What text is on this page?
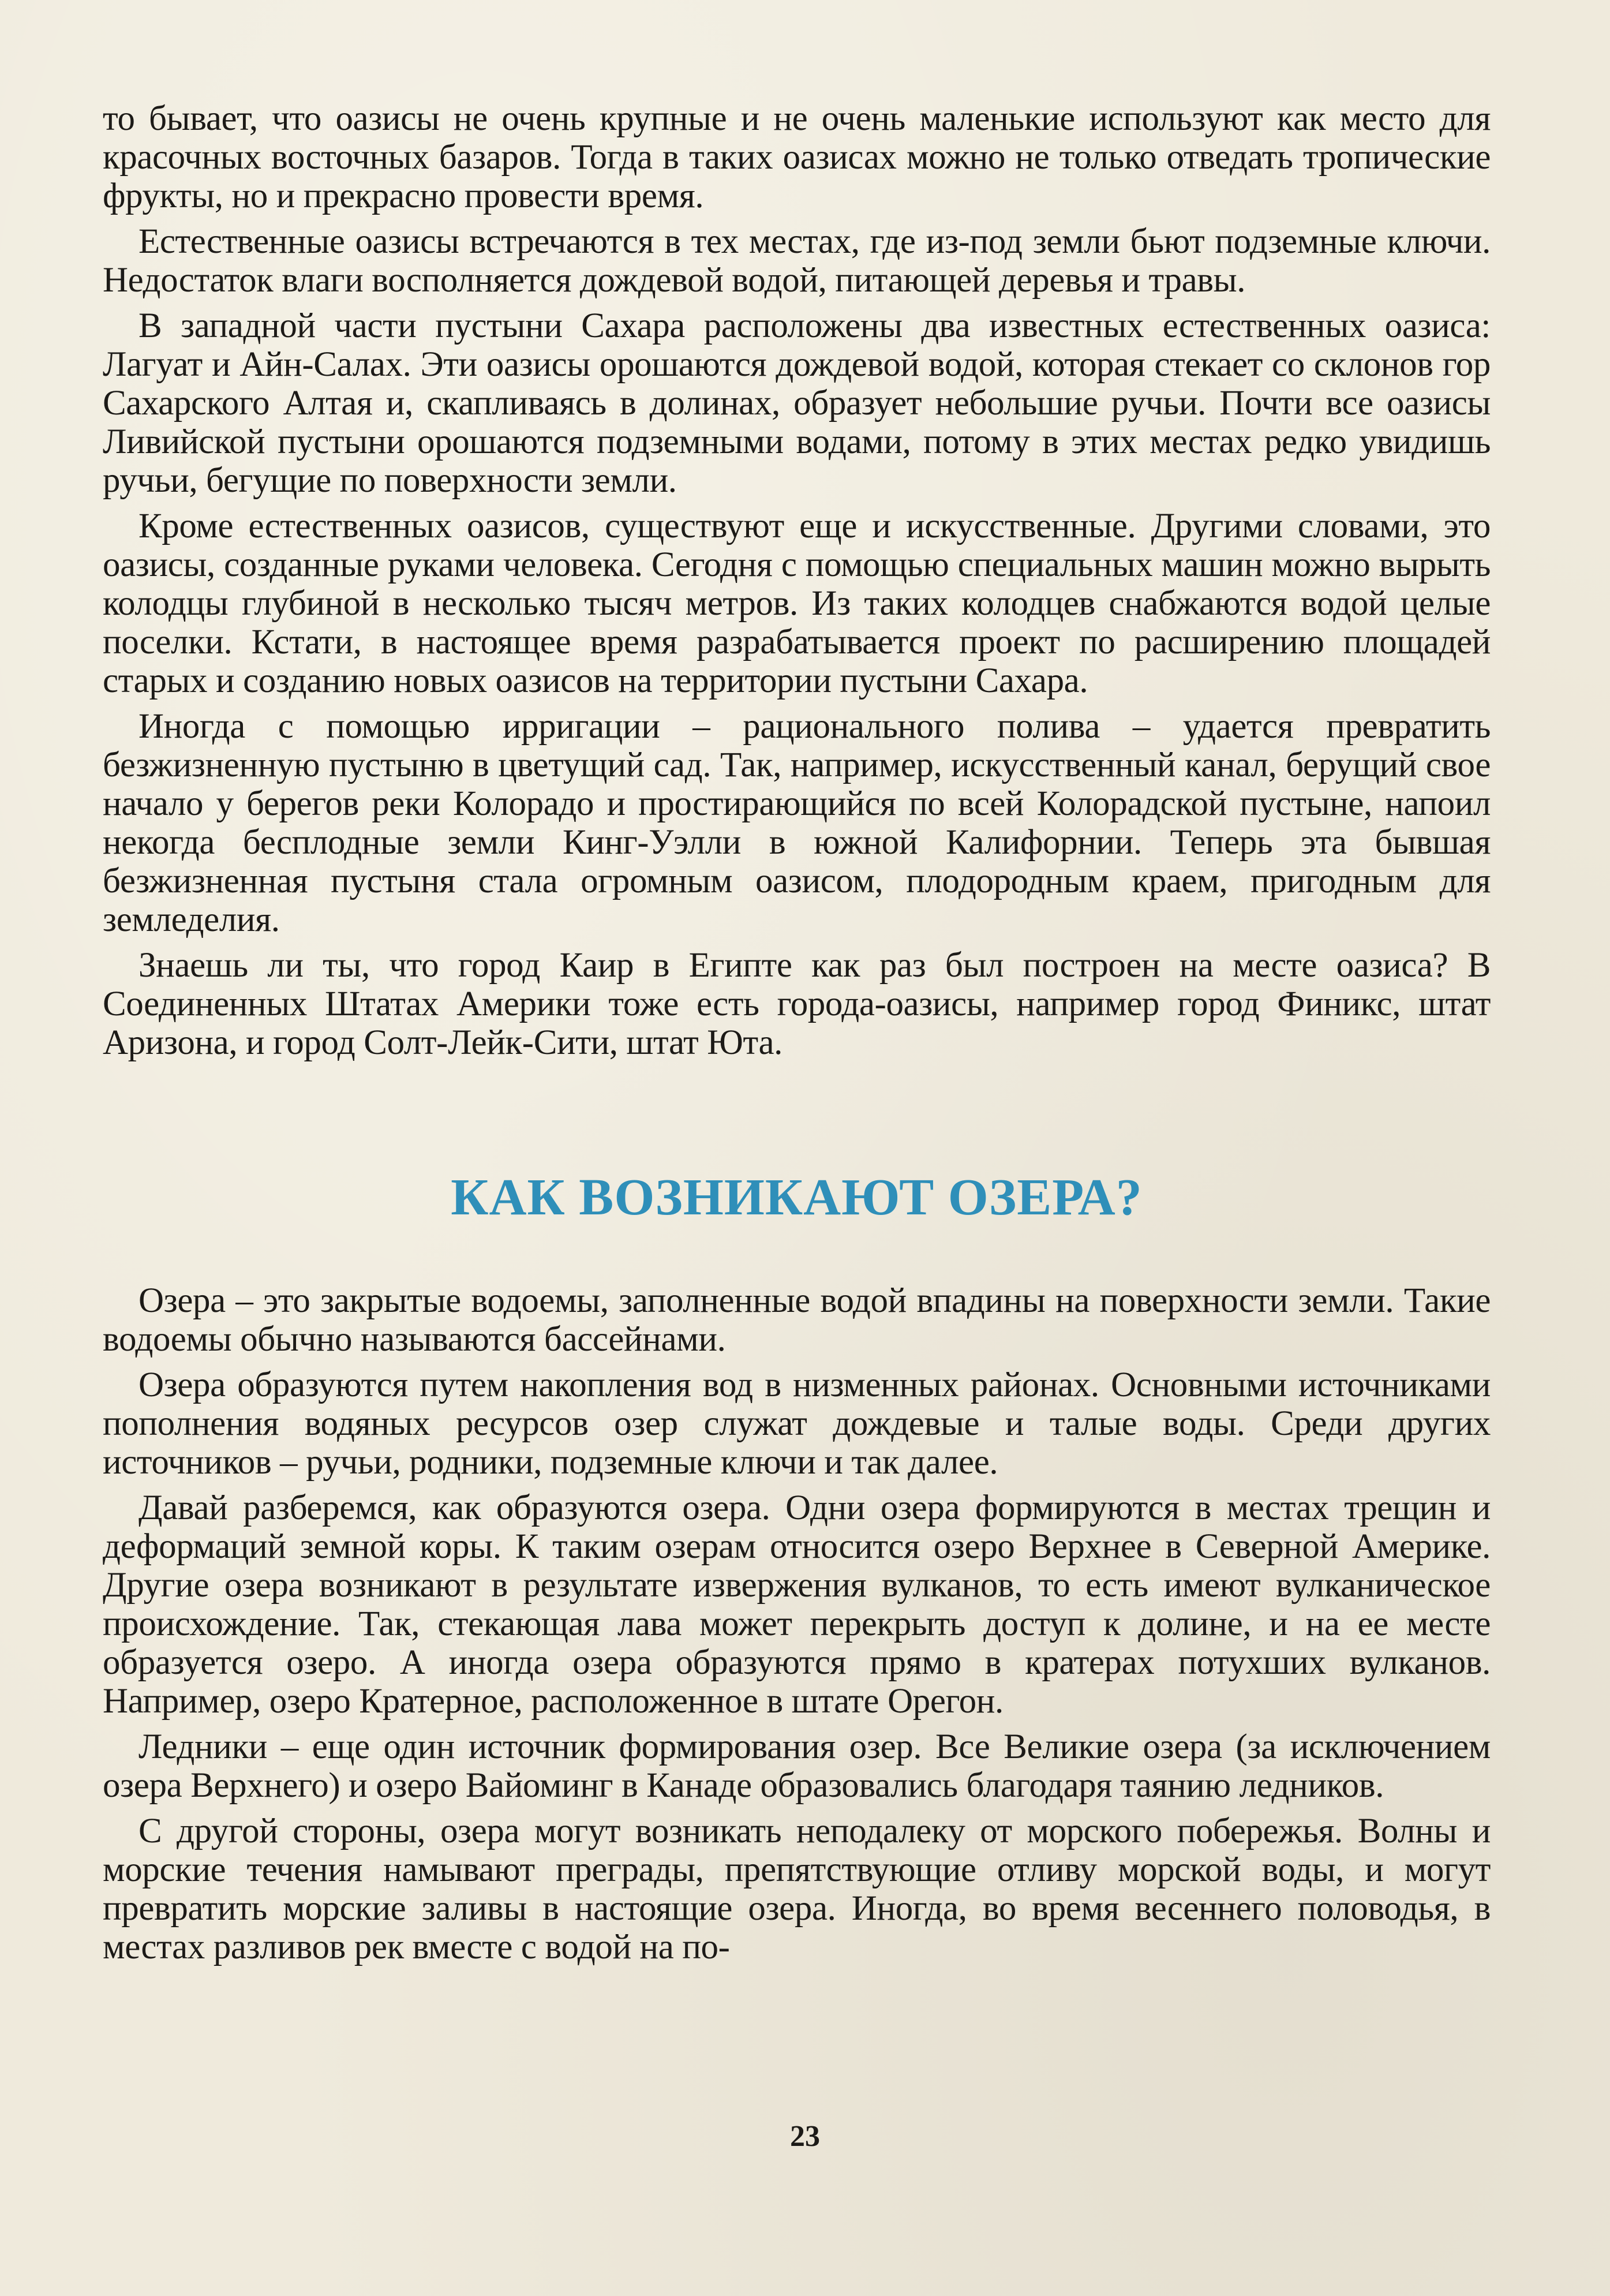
то бывает, что оазисы не очень крупные и не очень маленькие используют как место для красочных восточных базаров. Тогда в таких оазисах можно не только отведать тропические фрукты, но и прекрасно провести время.

Естественные оазисы встречаются в тех местах, где из-под земли бьют подземные ключи. Недостаток влаги восполняется дождевой водой, питающей деревья и травы.

В западной части пустыни Сахара расположены два известных естественных оазиса: Лагуат и Айн-Салах. Эти оазисы орошаются дождевой водой, которая стекает со склонов гор Сахарского Алтая и, скапливаясь в долинах, образует небольшие ручьи. Почти все оазисы Ливийской пустыни орошаются подземными водами, потому в этих местах редко увидишь ручьи, бегущие по поверхности земли.

Кроме естественных оазисов, существуют еще и искусственные. Другими словами, это оазисы, созданные руками человека. Сегодня с помощью специальных машин можно вырыть колодцы глубиной в несколько тысяч метров. Из таких колодцев снабжаются водой целые поселки. Кстати, в настоящее время разрабатывается проект по расширению площадей старых и созданию новых оазисов на территории пустыни Сахара.

Иногда с помощью ирригации – рационального полива – удается превратить безжизненную пустыню в цветущий сад. Так, например, искусственный канал, берущий свое начало у берегов реки Колорадо и простирающийся по всей Колорадской пустыне, напоил некогда бесплодные земли Кинг-Уэлли в южной Калифорнии. Теперь эта бывшая безжизненная пустыня стала огромным оазисом, плодородным краем, пригодным для земледелия.

Знаешь ли ты, что город Каир в Египте как раз был построен на месте оазиса? В Соединенных Штатах Америки тоже есть города-оазисы, например город Финикс, штат Аризона, и город Солт-Лейк-Сити, штат Юта.

КАК ВОЗНИКАЮТ ОЗЕРА?

Озера – это закрытые водоемы, заполненные водой впадины на поверхности земли. Такие водоемы обычно называются бассейнами.

Озера образуются путем накопления вод в низменных районах. Основными источниками пополнения водяных ресурсов озер служат дождевые и талые воды. Среди других источников – ручьи, родники, подземные ключи и так далее.

Давай разберемся, как образуются озера. Одни озера формируются в местах трещин и деформаций земной коры. К таким озерам относится озеро Верхнее в Северной Америке. Другие озера возникают в результате извержения вулканов, то есть имеют вулканическое происхождение. Так, стекающая лава может перекрыть доступ к долине, и на ее месте образуется озеро. А иногда озера образуются прямо в кратерах потухших вулканов. Например, озеро Кратерное, расположенное в штате Орегон.

Ледники – еще один источник формирования озер. Все Великие озера (за исключением озера Верхнего) и озеро Вайоминг в Канаде образовались благодаря таянию ледников.

С другой стороны, озера могут возникать неподалеку от морского побережья. Волны и морские течения намывают преграды, препятствующие отливу морской воды, и могут превратить морские заливы в настоящие озера. Иногда, во время весеннего половодья, в местах разливов рек вместе с водой на по-

23
